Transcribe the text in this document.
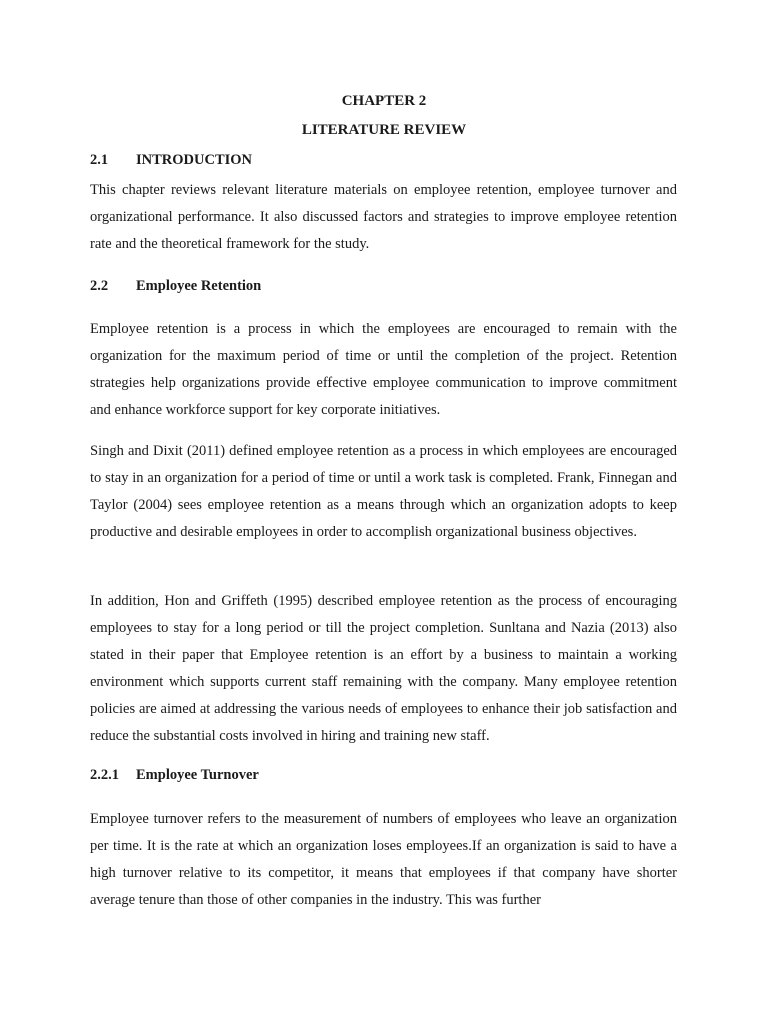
CHAPTER 2
LITERATURE REVIEW
2.1 INTRODUCTION

This chapter reviews relevant literature materials on employee retention, employee turnover and organizational performance. It also discussed factors and strategies to improve employee retention rate and the theoretical framework for the study.

2.2 Employee Retention

Employee retention is a process in which the employees are encouraged to remain with the organization for the maximum period of time or until the completion of the project. Retention strategies help organizations provide effective employee communication to improve commitment and enhance workforce support for key corporate initiatives.

Singh and Dixit (2011) defined employee retention as a process in which employees are encouraged to stay in an organization for a period of time or until a work task is completed. Frank, Finnegan and Taylor (2004) sees employee retention as a means through which an organization adopts to keep productive and desirable employees in order to accomplish organizational business objectives.

In addition, Hon and Griffeth (1995) described employee retention as the process of encouraging employees to stay for a long period or till the project completion. Sunltana and Nazia (2013) also stated in their paper that Employee retention is an effort by a business to maintain a working environment which supports current staff remaining with the company. Many employee retention policies are aimed at addressing the various needs of employees to enhance their job satisfaction and reduce the substantial costs involved in hiring and training new staff.

2.2.1 Employee Turnover

Employee turnover refers to the measurement of numbers of employees who leave an organization per time. It is the rate at which an organization loses employees.If an organization is said to have a high turnover relative to its competitor, it means that employees if that company have shorter average tenure than those of other companies in the industry. This was further
